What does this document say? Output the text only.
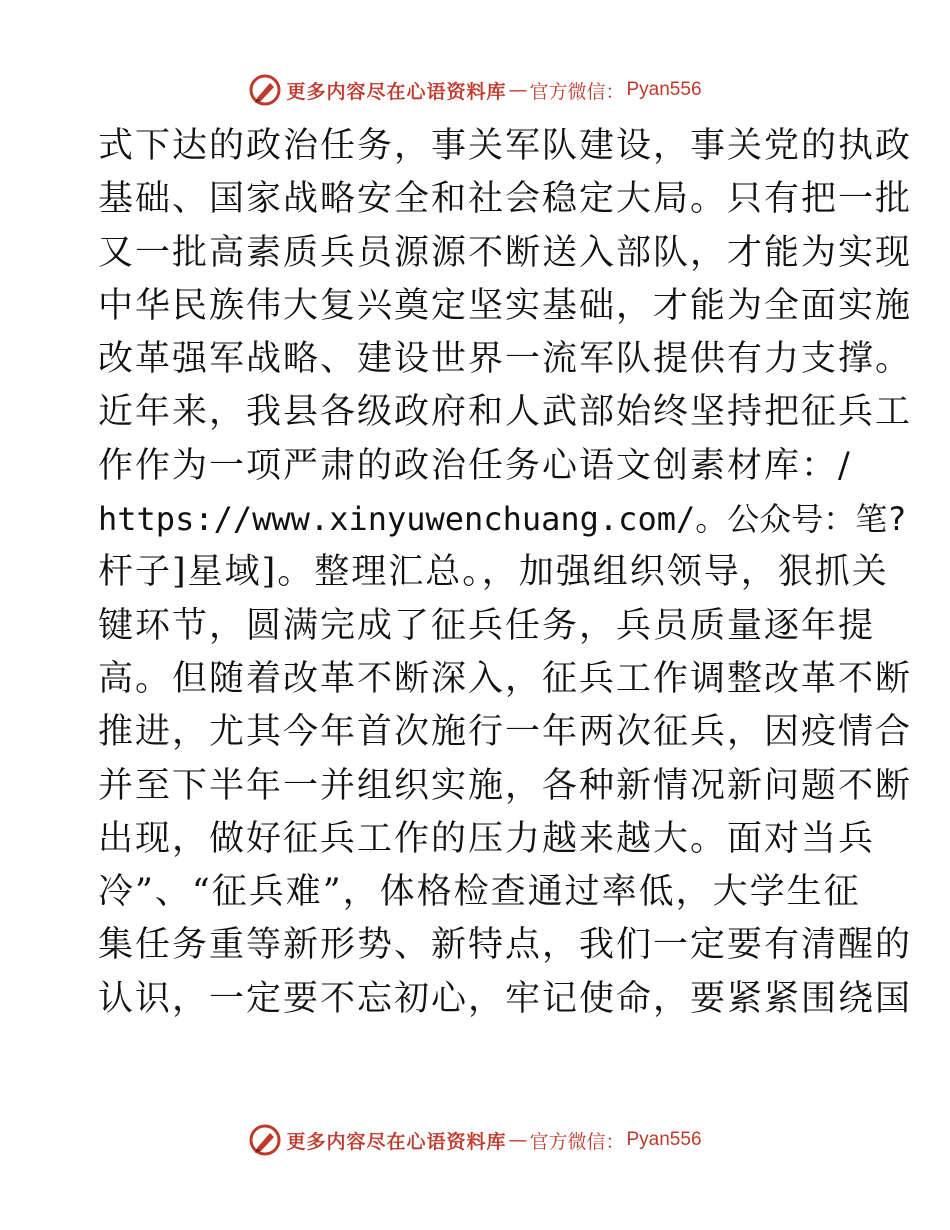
更多内容尽在心语资料库 — 官方微信： Pyan556
式下达的政治任务，事关军队建设，事关党的执政
基础、国家战略安全和社会稳定大局。只有把一批
又一批高素质兵员源源不断送入部队，才能为实现
中华民族伟大复兴奠定坚实基础，才能为全面实施
改革强军战略、建设世界一流军队提供有力支撑。
近年来，我县各级政府和人武部始终坚持把征兵工
作作为一项严肃的政治任务心语文创素材库：/
https://www.xinyuwenchuang.com/。公众号：笔?
杆子]星域]。整理汇总。，加强组织领导，狠抓关
键环节，圆满完成了征兵任务，兵员质量逐年提
高。但随着改革不断深入，征兵工作调整改革不断
推进，尤其今年首次施行一年两次征兵，因疫情合
并至下半年一并组织实施，各种新情况新问题不断
出现，做好征兵工作的压力越来越大。面对当兵
冷”、“征兵难”，体格检查通过率低，大学生征
集任务重等新形势、新特点，我们一定要有清醒的
认识，一定要不忘初心，牢记使命，要紧紧围绕国
更多内容尽在心语资料库 — 官方微信： Pyan556
